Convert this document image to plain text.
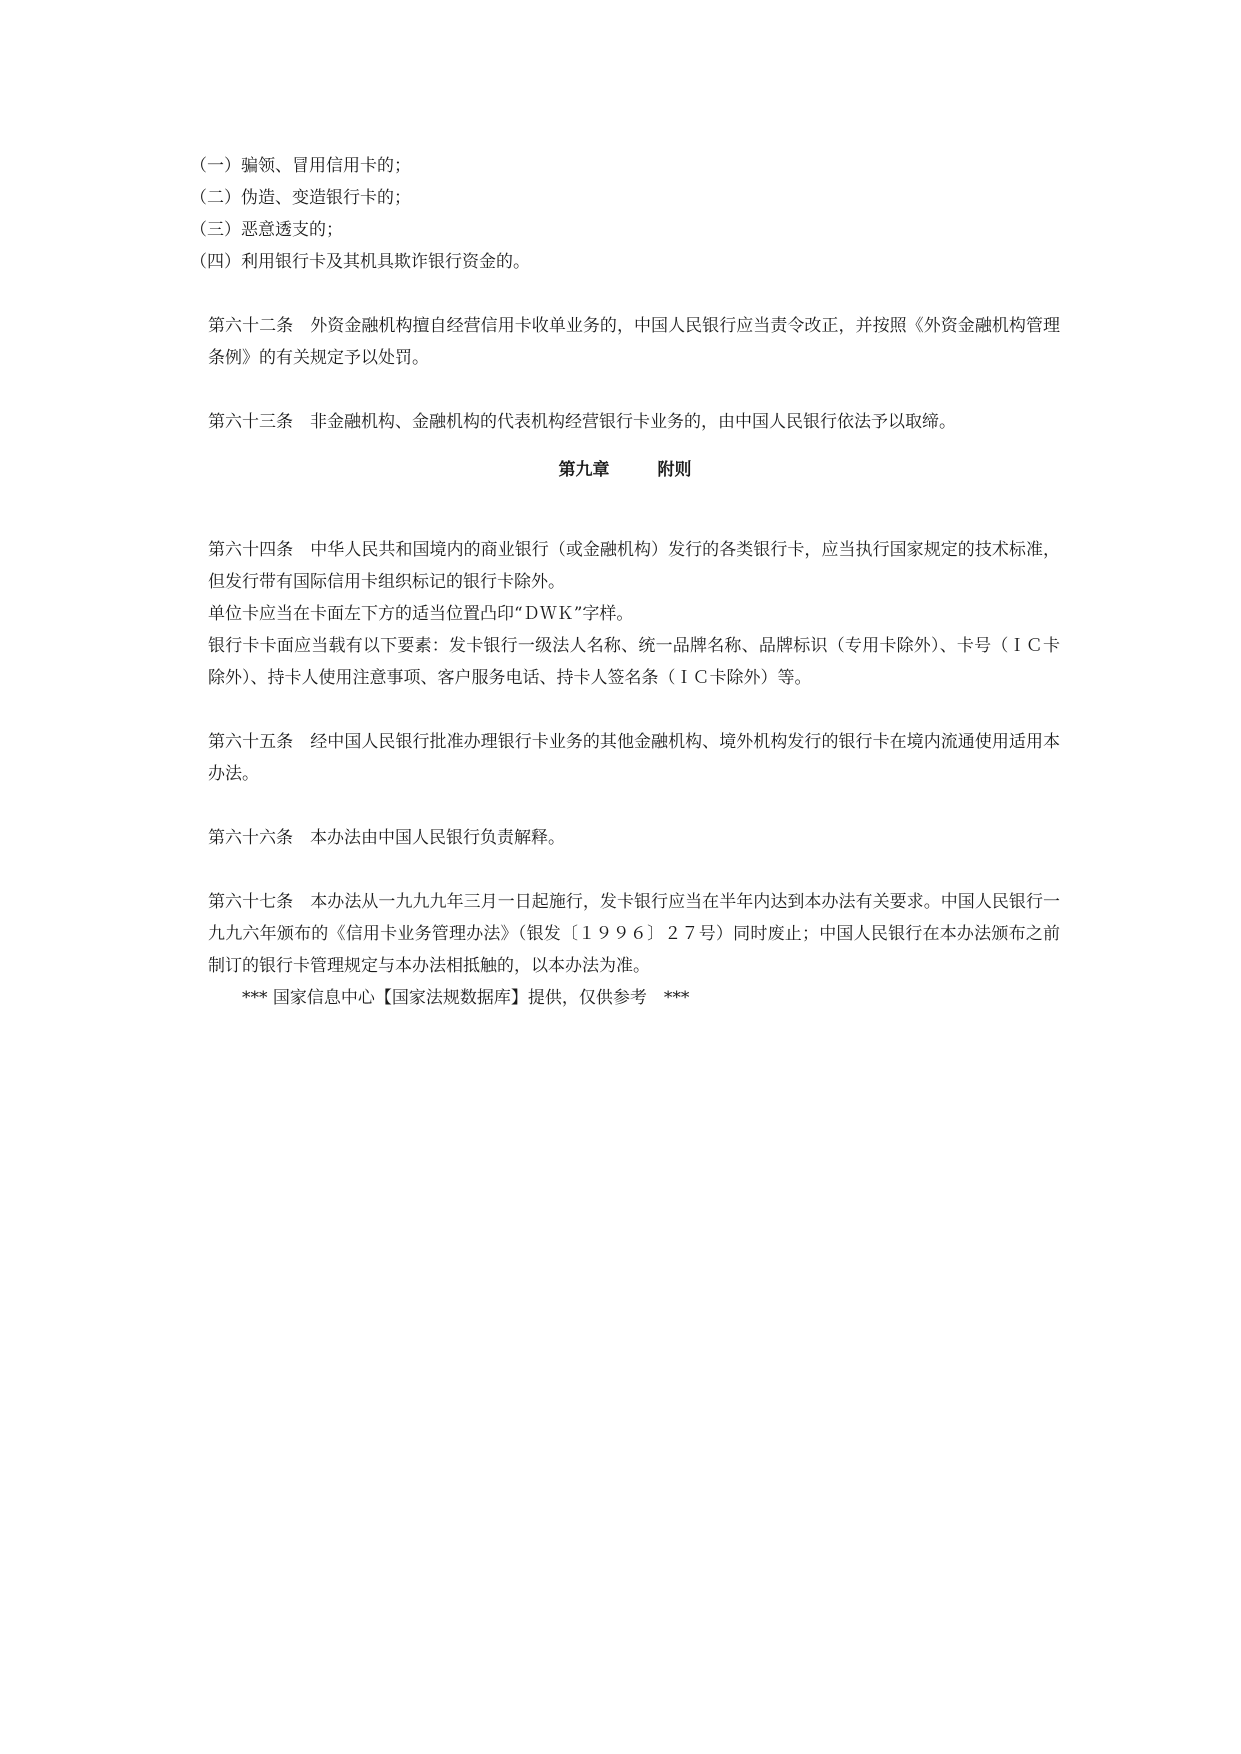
（一）骗领、冒用信用卡的；
（二）伪造、变造银行卡的；
（三）恶意透支的；
（四）利用银行卡及其机具欺诈银行资金的。

第六十二条　外资金融机构擅自经营信用卡收单业务的，中国人民银行应当责令改正，并按照《外资金融机构管理条例》的有关规定予以处罚。

第六十三条　非金融机构、金融机构的代表机构经营银行卡业务的，由中国人民银行依法予以取缔。

第九章	附则

第六十四条　中华人民共和国境内的商业银行（或金融机构）发行的各类银行卡，应当执行国家规定的技术标准，但发行带有国际信用卡组织标记的银行卡除外。

单位卡应当在卡面左下方的适当位置凸印“ＤＷＫ”字样。

银行卡卡面应当载有以下要素：发卡银行一级法人名称、统一品牌名称、品牌标识（专用卡除外）、卡号（ＩＣ卡除外）、持卡人使用注意事项、客户服务电话、持卡人签名条（ＩＣ卡除外）等。

第六十五条　经中国人民银行批准办理银行卡业务的其他金融机构、境外机构发行的银行卡在境内流通使用适用本办法。

第六十六条　本办法由中国人民银行负责解释。

第六十七条　本办法从一九九九年三月一日起施行，发卡银行应当在半年内达到本办法有关要求。中国人民银行一九九六年颁布的《信用卡业务管理办法》（银发〔１９９６〕２７号）同时废止；中国人民银行在本办法颁布之前制订的银行卡管理规定与本办法相抵触的，以本办法为准。

*** 国家信息中心【国家法规数据库】提供，仅供参考　***
